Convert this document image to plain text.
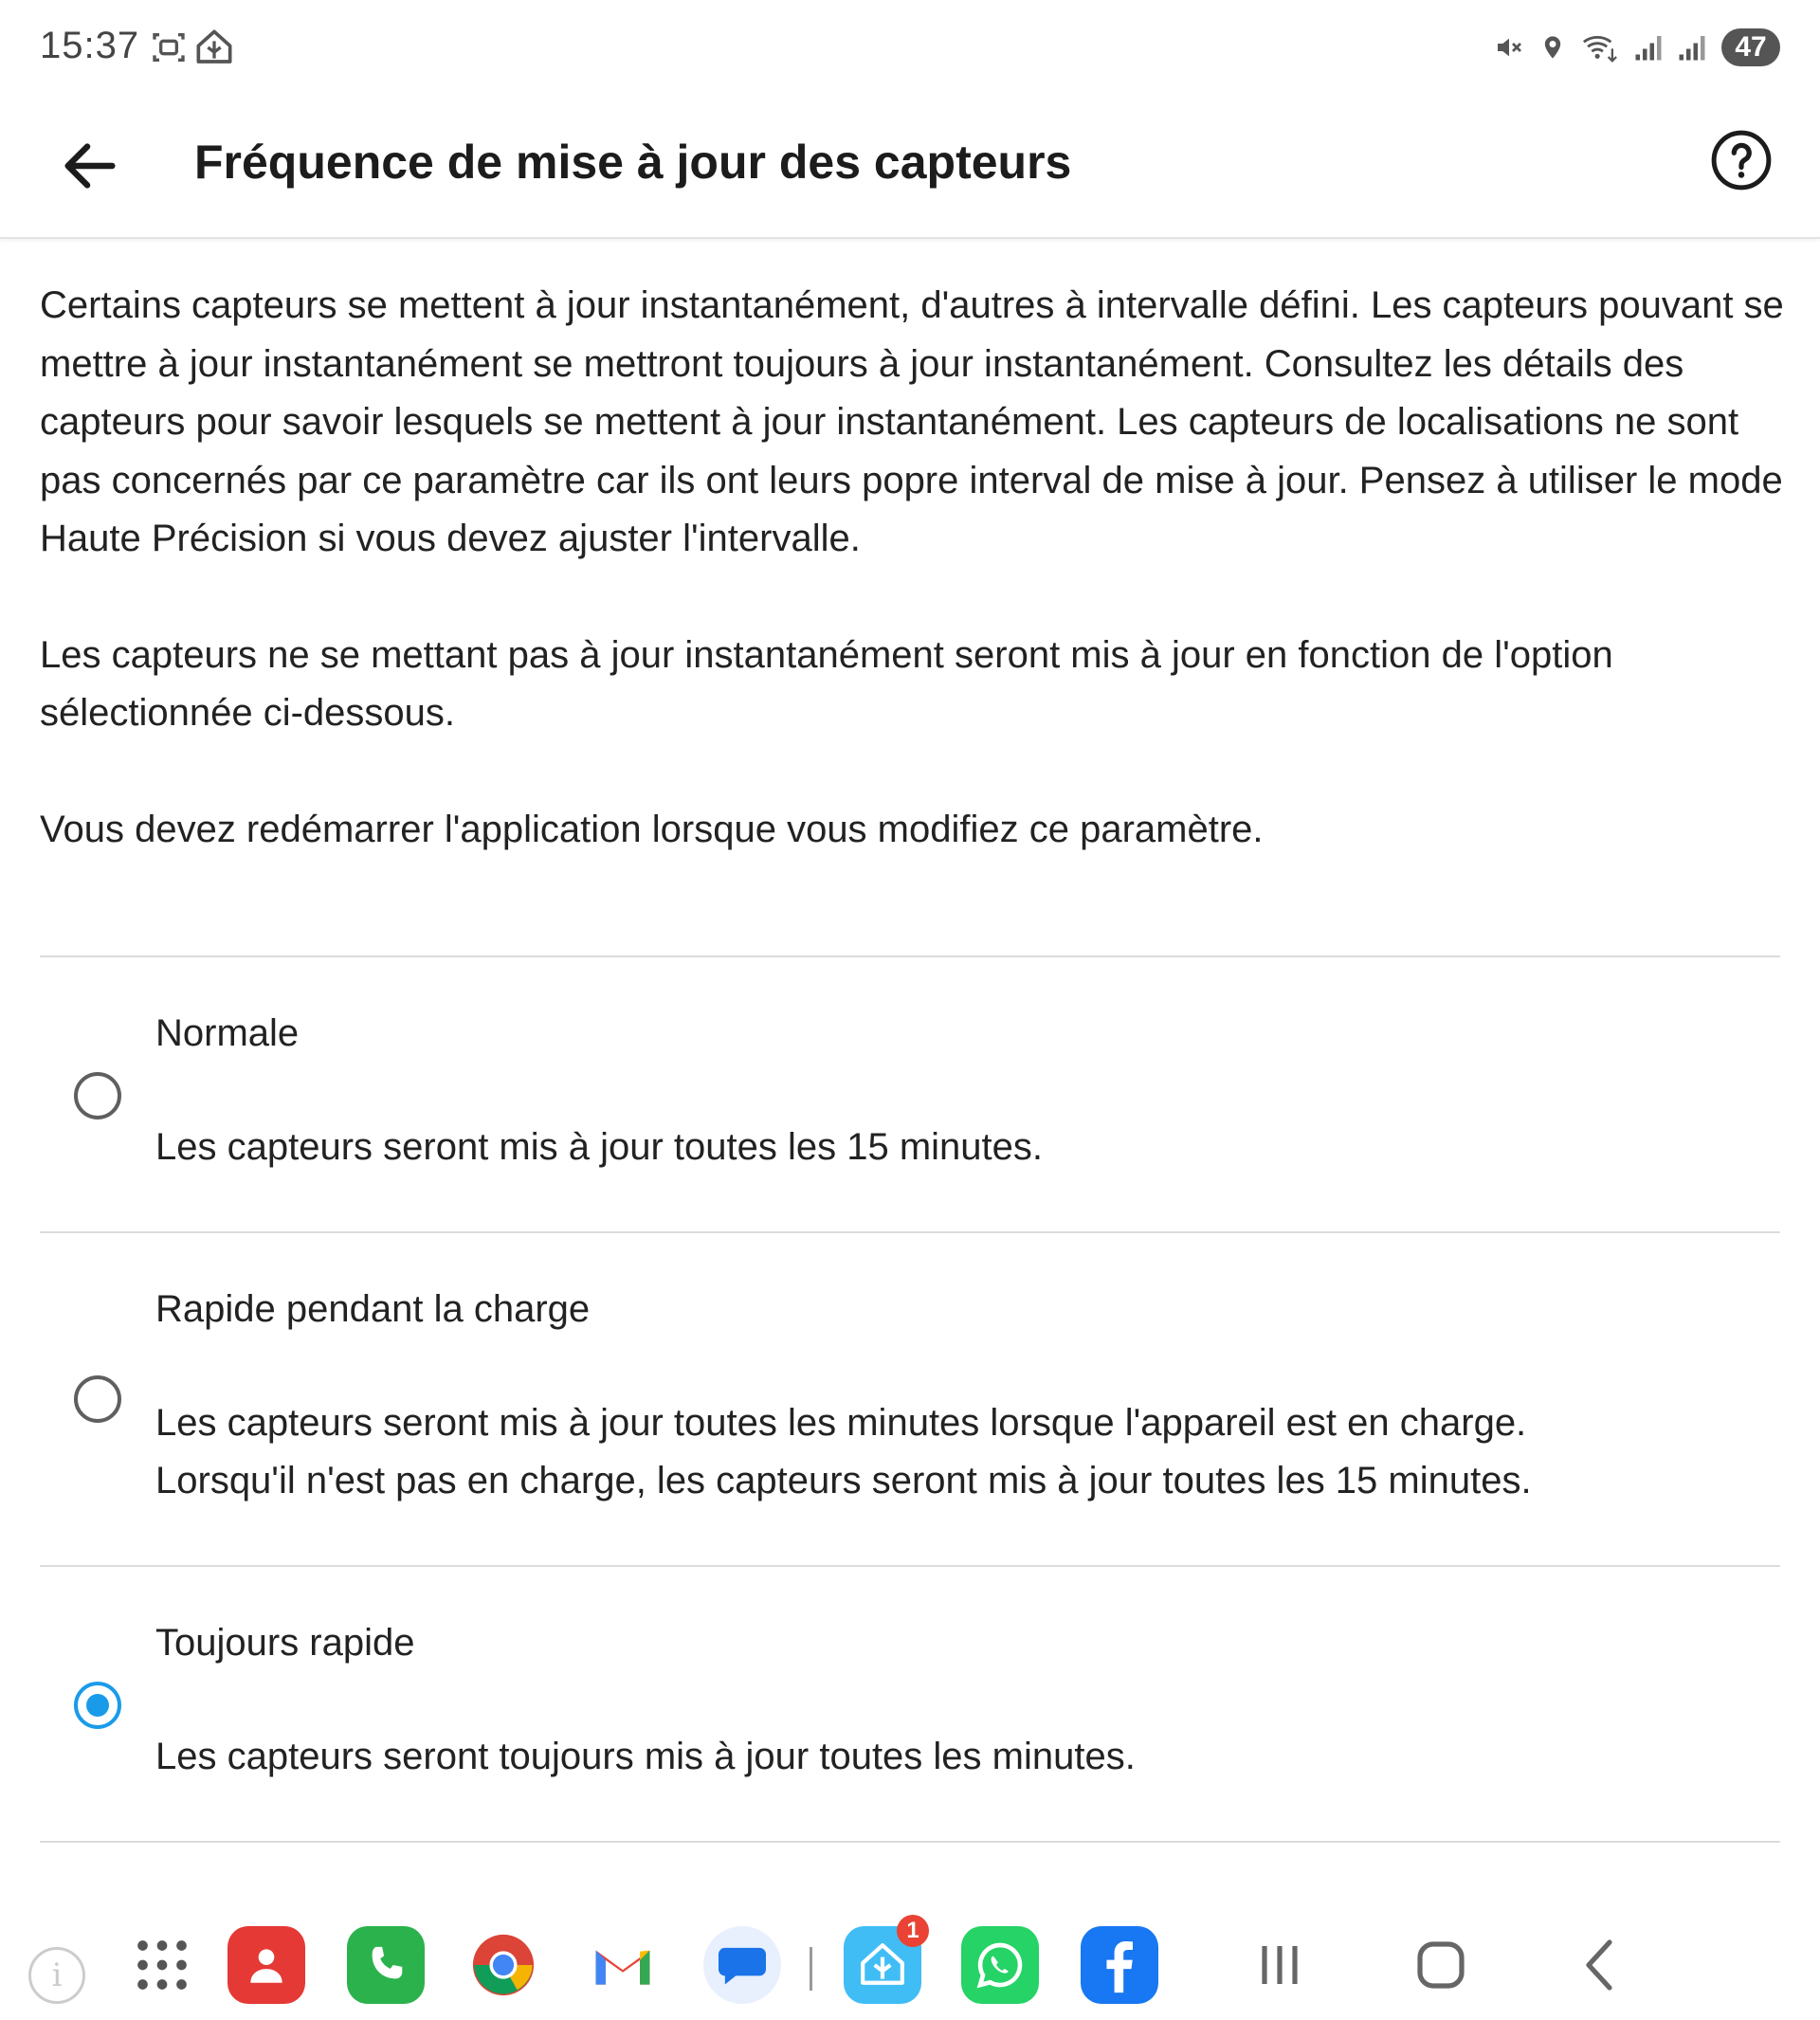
15:37	47
Fréquence de mise à jour des capteurs

Certains capteurs se mettent à jour instantanément, d'autres à intervalle défini. Les capteurs pouvant se mettre à jour instantanément se mettront toujours à jour instantanément. Consultez les détails des capteurs pour savoir lesquels se mettent à jour instantanément. Les capteurs de localisations ne sont pas concernés par ce paramètre car ils ont leurs popre interval de mise à jour. Pensez à utiliser le mode Haute Précision si vous devez ajuster l'intervalle.

Les capteurs ne se mettant pas à jour instantanément seront mis à jour en fonction de l'option sélectionnée ci-dessous.

Vous devez redémarrer l'application lorsque vous modifiez ce paramètre.

Normale
Les capteurs seront mis à jour toutes les 15 minutes.
Rapide pendant la charge
Les capteurs seront mis à jour toutes les minutes lorsque l'appareil est en charge.
Lorsqu'il n'est pas en charge, les capteurs seront mis à jour toutes les 15 minutes.
Toujours rapide
Les capteurs seront toujours mis à jour toutes les minutes.
i
1
